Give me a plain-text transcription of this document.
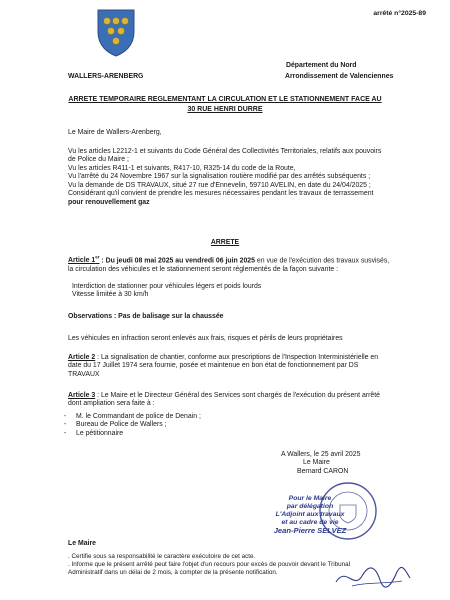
arrêté n°2025-89
Département du Nord
Arrondissement de Valenciennes
WALLERS-ARENBERG
ARRETE TEMPORAIRE REGLEMENTANT LA CIRCULATION ET LE STATIONNEMENT FACE AU
30 RUE HENRI DURRE
Le Maire de Wallers-Arenberg,
Vu les articles L2212-1 et suivants du Code Général des Collectivités Territoriales, relatifs aux pouvoirs
de Police du Maire ;
Vu les articles R411-1 et suivants, R417-10, R325-14 du code de la Route,
Vu l'arrêté du 24 Novembre 1967 sur la signalisation routière modifié par des arrêtés subséquents ;
Vu la demande de DS TRAVAUX, situé 27 rue d'Ennevelin, 59710 AVELIN, en date du 24/04/2025 ;
Considérant qu'il convient de prendre les mesures nécessaires pendant les travaux de terrassement
pour renouvellement gaz
ARRETE
Article 1er : Du jeudi 08 mai 2025 au vendredi 06 juin 2025 en vue de l'exécution des travaux susvisés,
la circulation des véhicules et le stationnement seront réglementés de la façon suivante :
Interdiction de stationner pour véhicules légers et poids lourds
Vitesse limitée à 30 km/h
Observations : Pas de balisage sur la chaussée
Les véhicules en infraction seront enlevés aux frais, risques et périls de leurs propriétaires
Article 2 : La signalisation de chantier, conforme aux prescriptions de l'Inspection Interministérielle en
date du 17 Juillet 1974 sera fournie, posée et maintenue en bon état de fonctionnement par DS
TRAVAUX
Article 3 : Le Maire et le Directeur Général des Services sont chargés de l'exécution du présent arrêté
dont ampliation sera faite à :
-
-
-
M. le Commandant de police de Denain ;
Bureau de Police de Wallers ;
Le pétitionnaire
A Wallers, le 25 avril 2025
Le Maire
Bernard CARON
Pour le Maire
par délégation
L'Adjoint aux travaux
et au cadre de vie
Jean-Pierre SELVEZ
Le Maire
. Certifie sous sa responsabilité le caractère exécutoire de cet acte.
. Informe que le présent arrêté peut faire l'objet d'un recours pour excès de pouvoir devant le Tribunal
Administratif dans un délai de 2 mois, à compter de la présente notification.
